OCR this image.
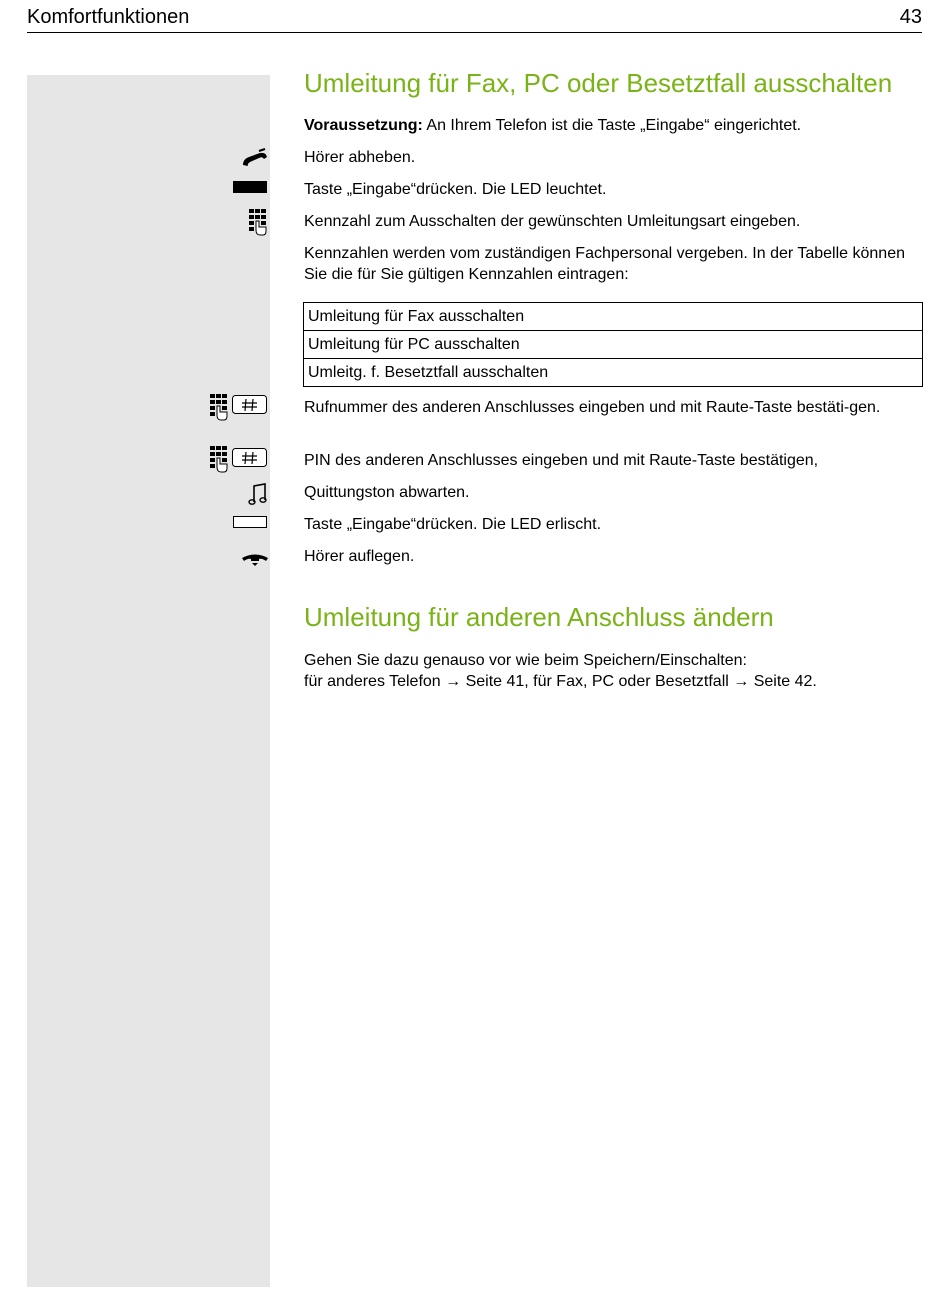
Komfortfunktionen	43
Umleitung für Fax, PC oder Besetztfall ausschalten
Voraussetzung: An Ihrem Telefon ist die Taste „Eingabe“ eingerichtet.
Hörer abheben.
Taste „Eingabe“drücken. Die LED leuchtet.
Kennzahl zum Ausschalten der gewünschten Umleitungsart eingeben.
Kennzahlen werden vom zuständigen Fachpersonal vergeben. In der Tabelle können Sie die für Sie gültigen Kennzahlen eintragen:
Umleitung für Fax ausschalten
Umleitung für PC ausschalten
Umleitg. f. Besetztfall ausschalten
Rufnummer des anderen Anschlusses eingeben und mit Raute-Taste bestäti-gen.
PIN des anderen Anschlusses eingeben und mit Raute-Taste bestätigen,
Quittungston abwarten.
Taste „Eingabe“drücken. Die LED erlischt.
Hörer auflegen.
Umleitung für anderen Anschluss ändern
Gehen Sie dazu genauso vor wie beim Speichern/Einschalten:
für anderes Telefon → Seite 41, für Fax, PC oder Besetztfall → Seite 42.
